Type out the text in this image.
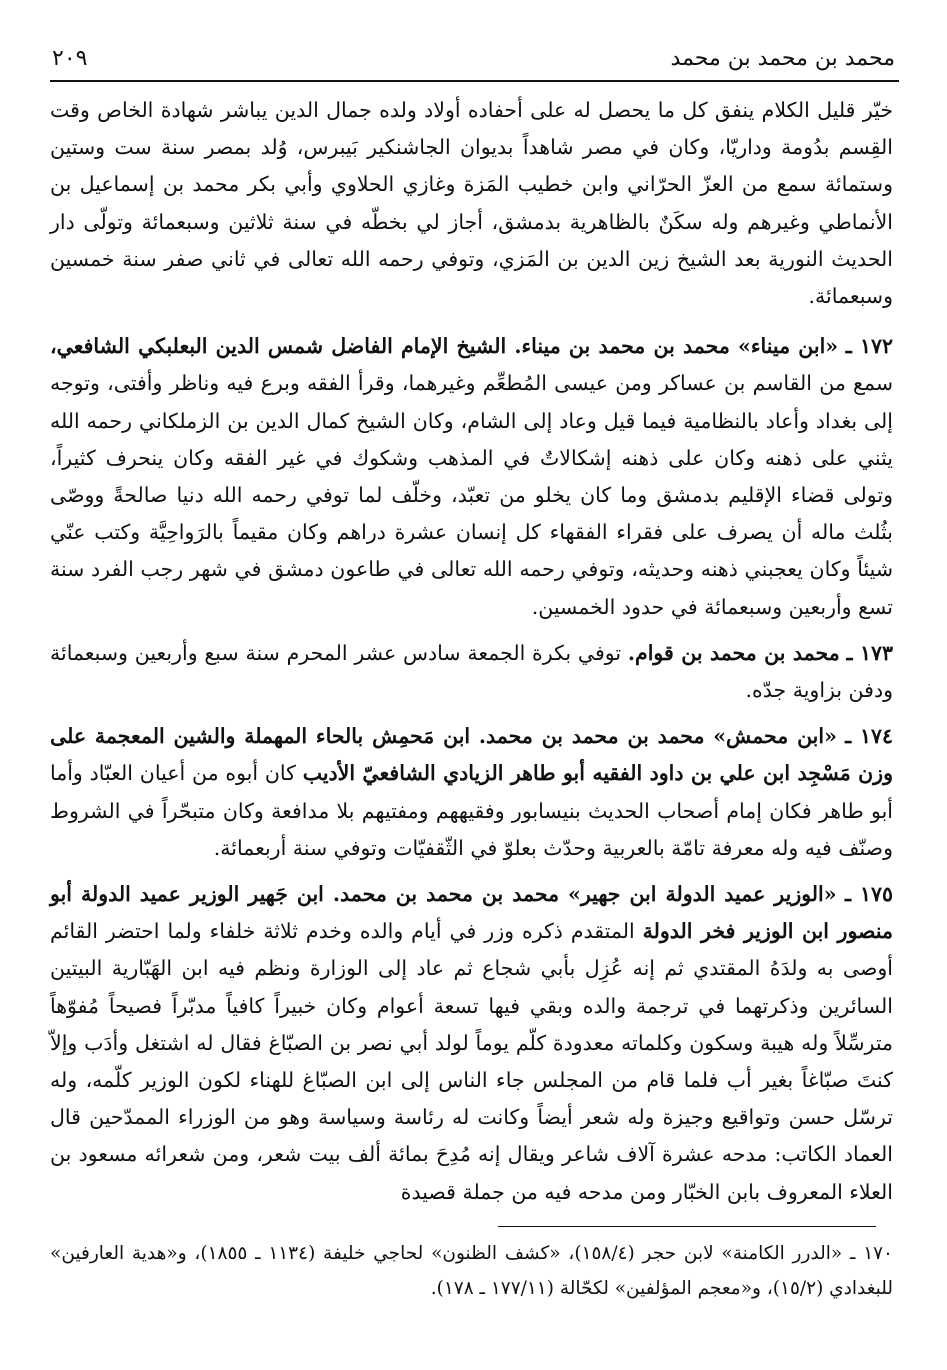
محمد بن محمد بن محمد
٢٠٩

خيّر قليل الكلام ينفق كل ما يحصل له على أحفاده أولاد ولده جمال الدين يباشر شهادة الخاص وقت القِسم بدُومة وداريّا، وكان في مصر شاهداً بديوان الجاشنكير بَيبرس، وُلد بمصر سنة ست وستين وستمائة سمع من العزّ الحرّاني وابن خطيب المَزة وغازي الحلاوي وأبي بكر محمد بن إسماعيل بن الأنماطي وغيرهم وله سكَنٌ بالظاهرية بدمشق، أجاز لي بخطّه في سنة ثلاثين وسبعمائة وتولّى دار الحديث النورية بعد الشيخ زين الدين بن المَزي، وتوفي رحمه الله تعالى في ثاني صفر سنة خمسين وسبعمائة.

١٧٢ ـ «ابن ميناء» محمد بن محمد بن ميناء. الشيخ الإمام الفاضل شمس الدين البعلبكي الشافعي، سمع من القاسم بن عساكر ومن عيسى المُطعِّم وغيرهما، وقرأ الفقه وبرع فيه وناظر وأفتى، وتوجه إلى بغداد وأعاد بالنظامية فيما قيل وعاد إلى الشام، وكان الشيخ كمال الدين بن الزملكاني رحمه الله يثني على ذهنه وكان على ذهنه إشكالاتٌ في المذهب وشكوك في غير الفقه وكان ينحرف كثيراً، وتولى قضاء الإقليم بدمشق وما كان يخلو من تعبّد، وخلّف لما توفي رحمه الله دنيا صالحةً ووصّى بثُلث ماله أن يصرف على فقراء الفقهاء كل إنسان عشرة دراهم وكان مقيماً بالرَواحِيَّة وكتب عنّي شيئاً وكان يعجبني ذهنه وحديثه، وتوفي رحمه الله تعالى في طاعون دمشق في شهر رجب الفرد سنة تسع وأربعين وسبعمائة في حدود الخمسين.

١٧٣ ـ محمد بن محمد بن قوام. توفي بكرة الجمعة سادس عشر المحرم سنة سبع وأربعين وسبعمائة ودفن بزاوية جدّه.

١٧٤ ـ «ابن محمش» محمد بن محمد بن محمد. ابن مَحمِش بالحاء المهملة والشين المعجمة على وزن مَسْجِد ابن علي بن داود الفقيه أبو طاهر الزيادي الشافعيّ الأديب كان أبوه من أعيان العبّاد وأما أبو طاهر فكان إمام أصحاب الحديث بنيسابور وفقيههم ومفتيهم بلا مدافعة وكان متبحّراً في الشروط وصنّف فيه وله معرفة تامّة بالعربية وحدّث بعلوّ في الثّقفيّات وتوفي سنة أربعمائة.

١٧٥ ـ «الوزير عميد الدولة ابن جهير» محمد بن محمد بن محمد. ابن جَهير الوزير عميد الدولة أبو منصور ابن الوزير فخر الدولة المتقدم ذكره وزر في أيام والده وخدم ثلاثة خلفاء ولما احتضر القائم أوصى به ولدَهُ المقتدي ثم إنه عُزِل بأبي شجاع ثم عاد إلى الوزارة ونظم فيه ابن الهَبّارية البيتين السائرين وذكرتهما في ترجمة والده وبقي فيها تسعة أعوام وكان خبيراً كافياً مدبّراً فصيحاً مُفوّهاً مترسِّلاً وله هيبة وسكون وكلماته معدودة كلّم يوماً لولد أبي نصر بن الصبّاغ فقال له اشتغل وأدَب وإلاّ كنتَ صبّاغاً بغير أب فلما قام من المجلس جاء الناس إلى ابن الصبّاغ للهناء لكون الوزير كلّمه، وله ترسّل حسن وتواقيع وجيزة وله شعر أيضاً وكانت له رئاسة وسياسة وهو من الوزراء الممدّحين قال العماد الكاتب: مدحه عشرة آلاف شاعر ويقال إنه مُدِحَ بمائة ألف بيت شعر، ومن شعرائه مسعود بن العلاء المعروف بابن الخبّار ومن مدحه فيه من جملة قصيدة

١٧٠ ـ «الدرر الكامنة» لابن حجر (١٥٨/٤)، «كشف الظنون» لحاجي خليفة (١١٣٤ ـ ١٨٥٥)، و«هدية العارفين» للبغدادي (١٥/٢)، و«معجم المؤلفين» لكحّالة (١٧٧/١١ ـ ١٧٨).
